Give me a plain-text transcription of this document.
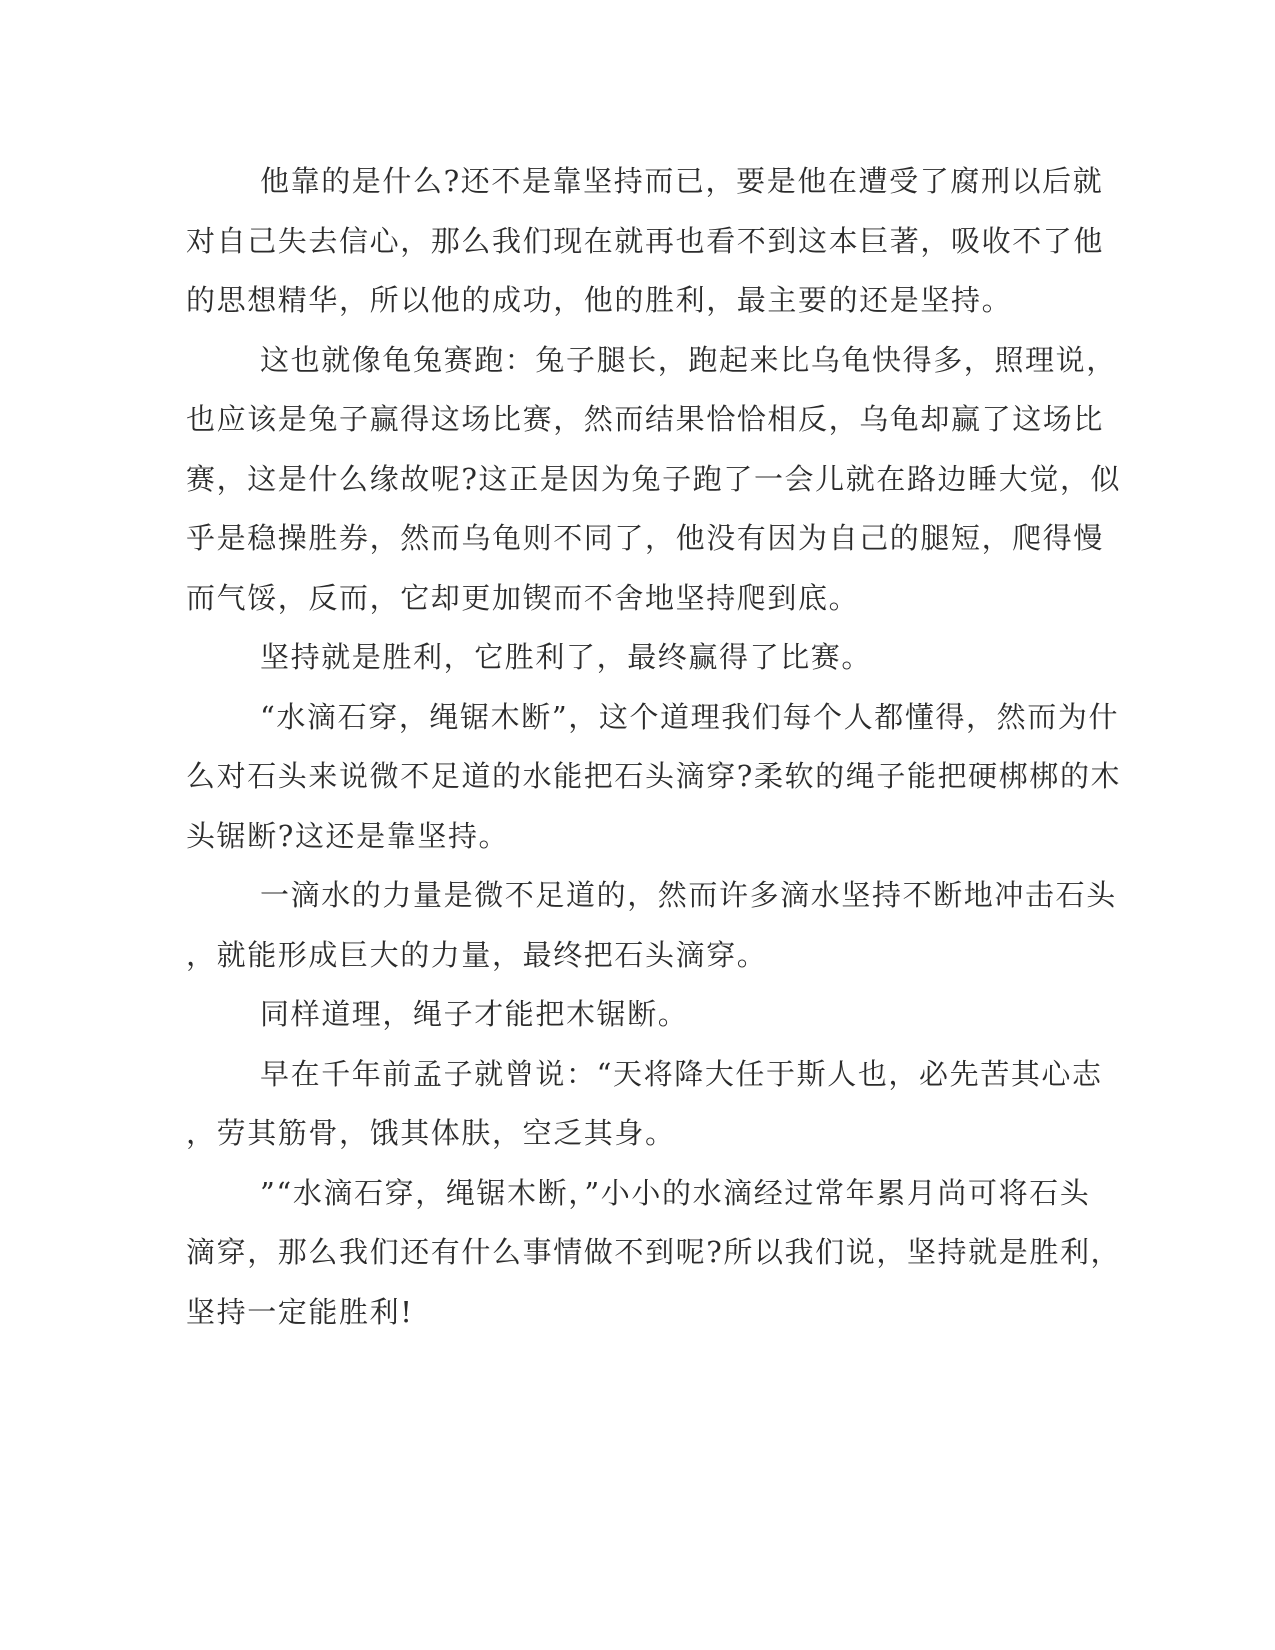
他靠的是什么?还不是靠坚持而已，要是他在遭受了腐刑以后就
对自己失去信心，那么我们现在就再也看不到这本巨著，吸收不了他
的思想精华，所以他的成功，他的胜利，最主要的还是坚持。
这也就像龟兔赛跑：兔子腿长，跑起来比乌龟快得多，照理说，
也应该是兔子赢得这场比赛，然而结果恰恰相反，乌龟却赢了这场比
赛，这是什么缘故呢?这正是因为兔子跑了一会儿就在路边睡大觉，似
乎是稳操胜券，然而乌龟则不同了，他没有因为自己的腿短，爬得慢
而气馁，反而，它却更加锲而不舍地坚持爬到底。
坚持就是胜利，它胜利了，最终赢得了比赛。
“水滴石穿，绳锯木断”，这个道理我们每个人都懂得，然而为什
么对石头来说微不足道的水能把石头滴穿?柔软的绳子能把硬梆梆的木
头锯断?这还是靠坚持。
一滴水的力量是微不足道的，然而许多滴水坚持不断地冲击石头
，就能形成巨大的力量，最终把石头滴穿。
同样道理，绳子才能把木锯断。
早在千年前孟子就曾说：“天将降大任于斯人也，必先苦其心志
，劳其筋骨，饿其体肤，空乏其身。
”“水滴石穿，绳锯木断，”小小的水滴经过常年累月尚可将石头
滴穿，那么我们还有什么事情做不到呢?所以我们说，坚持就是胜利，
坚持一定能胜利!
